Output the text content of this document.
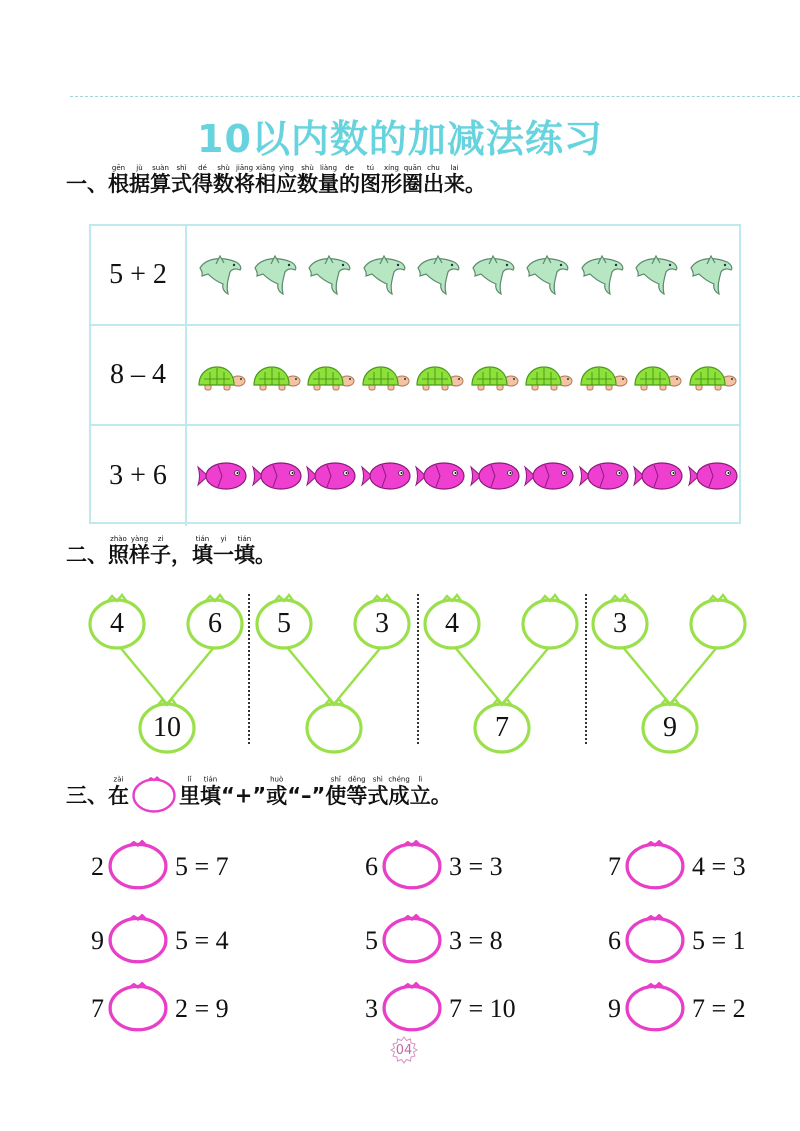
10以内数的加减法练习
一、根gēn据jù算suàn式shì得dé数shù将jiāng相xiāng应yìng数shù量liàng的de图tú形xíng圈quān出chu来lai。
二、照zhào样yàng子zi，填tián一yi填tián。
三、在zài里lǐ填tián“+”或huò“–”使shǐ等děng式shì成chéng立lì。
5 + 2
8 – 4
3 + 6
4	6
10
5	3 4
7
3
9
2	5 = 7	6	3 = 3	7	4 = 3
9	5 = 4	5	3 = 8	6	5 = 1
7	2 = 9	3	7 = 10	9	7 = 2
04
